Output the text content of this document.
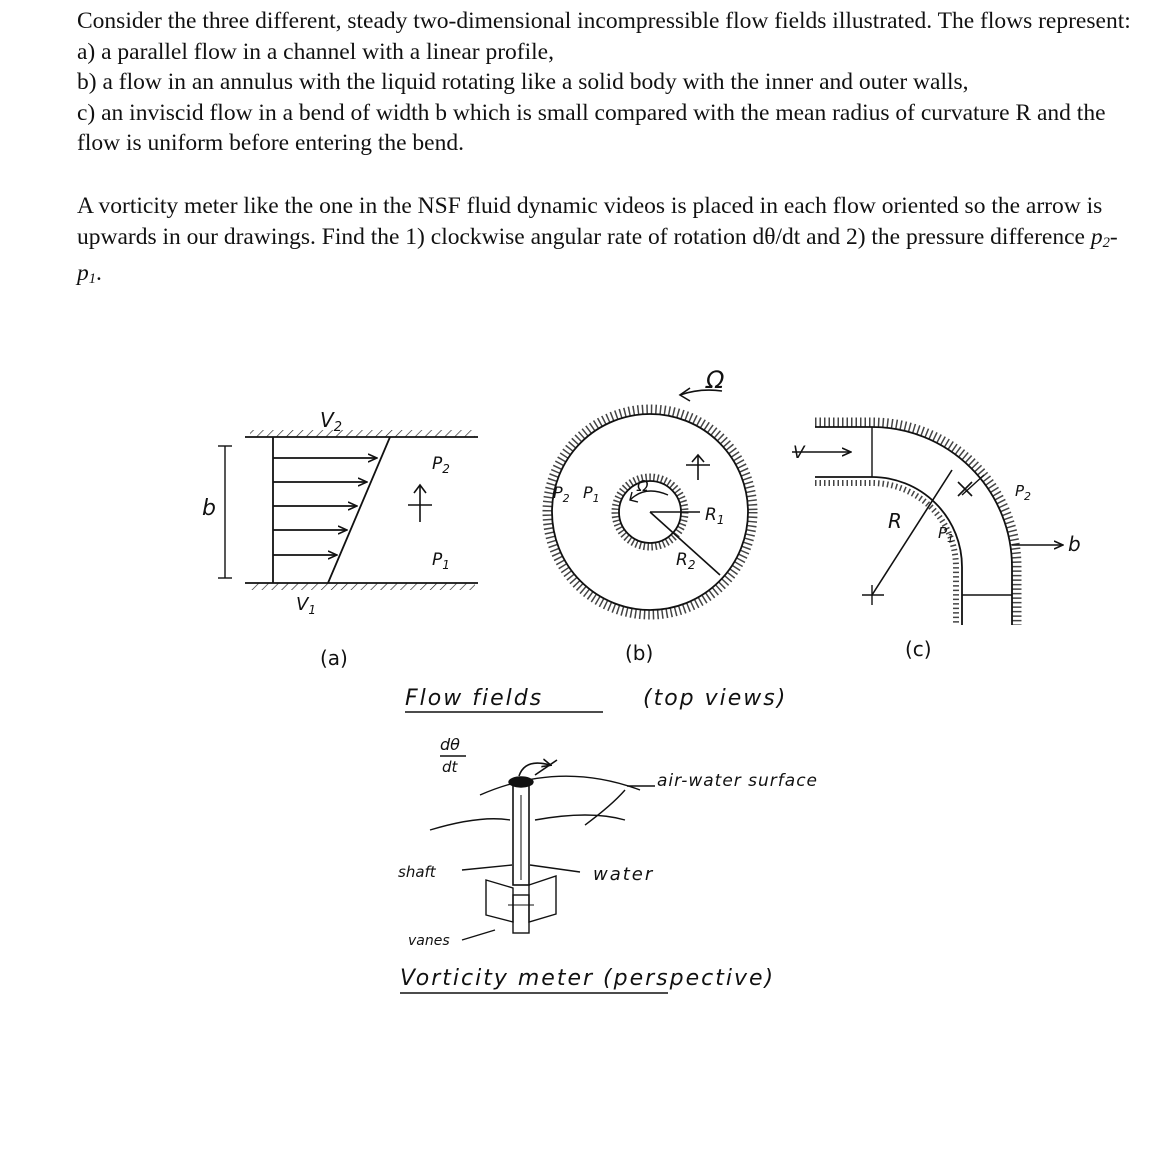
Consider the three different, steady two-dimensional incompressible flow fields illustrated. The flows represent:

a) a parallel flow in a channel with a linear profile,

b) a flow in an annulus with the liquid rotating like a solid body with the inner and outer walls,

c) an inviscid flow in a bend of width b which is small compared with the mean radius of curvature R and the flow is uniform before entering the bend.

A vorticity meter like the one in the NSF fluid dynamic videos is placed in each flow oriented so the arrow is upwards in our drawings. Find the 1) clockwise angular rate of rotation dθ/dt and 2) the pressure difference $p_2-p_1$.

b
$V_2$
$V_1$
$P_2$
$P_1$
(a)
Ω
Ω
$P_2$ $P_1$
$R_1$
$R_2$
(b)
V
R $P_1$
$P_2$
b
(c)
Flow fields	(top views)
dθ
dt
air-water surface
water
shaft
vanes
Vorticity meter (perspective)
